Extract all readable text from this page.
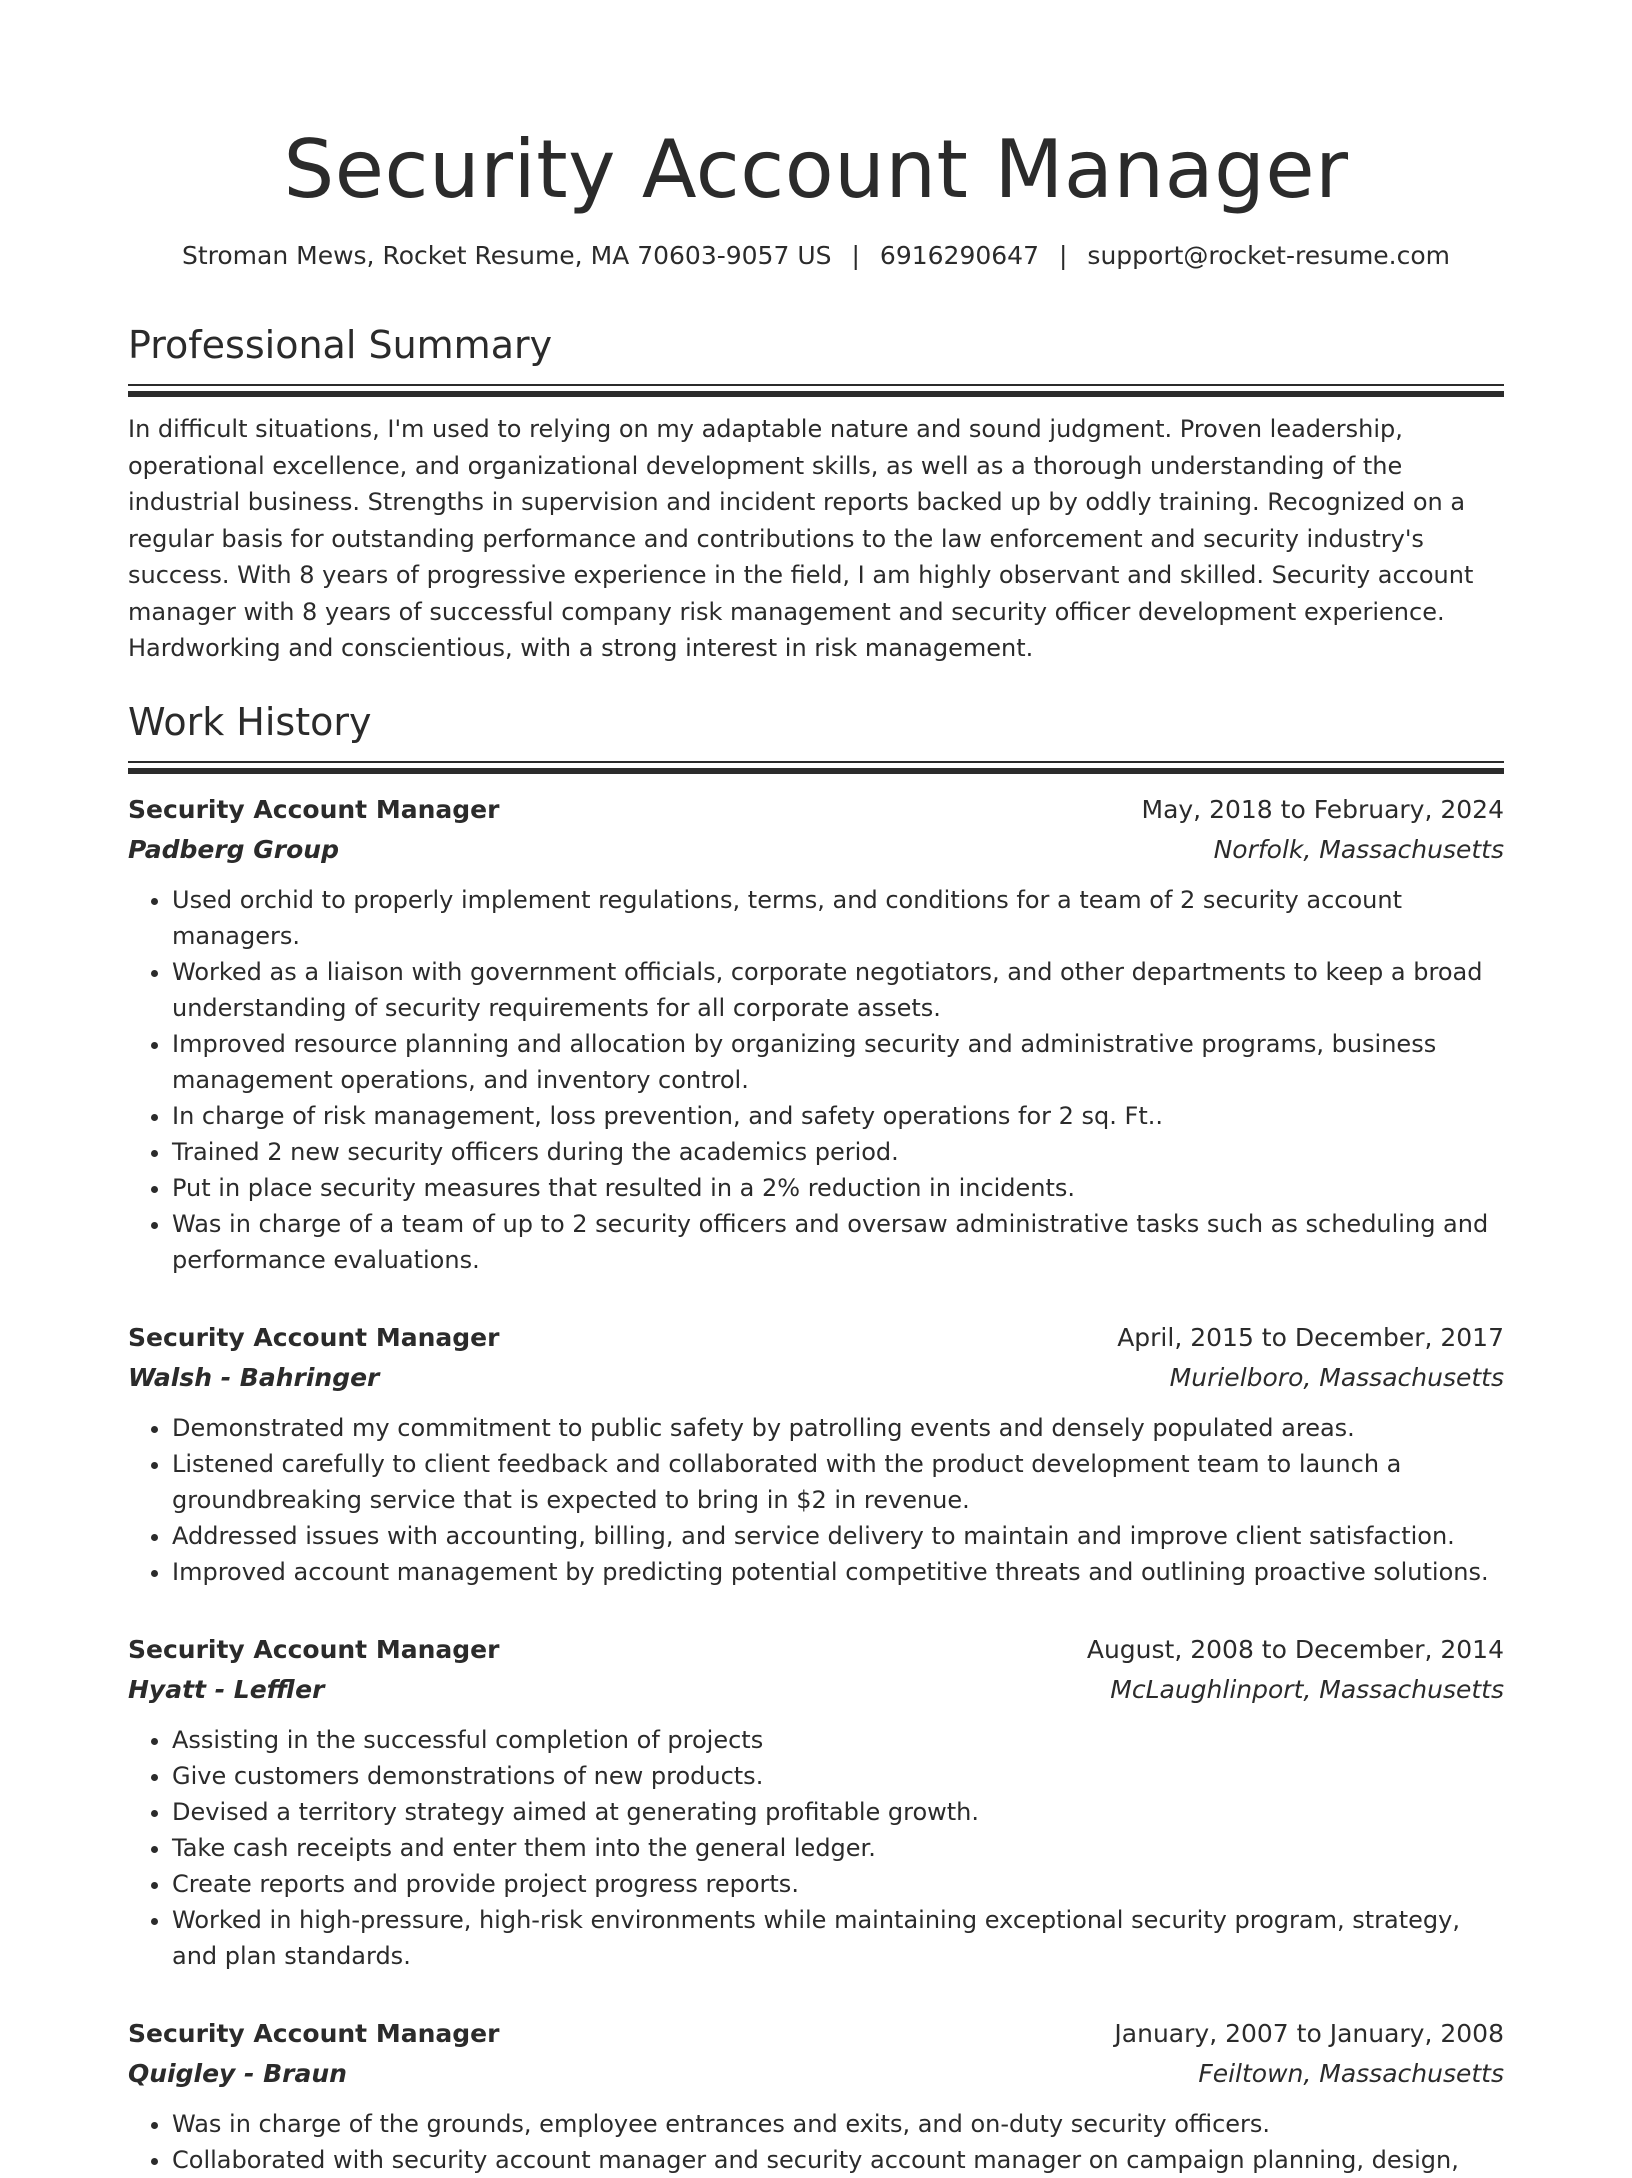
Security Account Manager
Stroman Mews, Rocket Resume, MA 70603-9057 US | 6916290647 | support@rocket-resume.com
Professional Summary

In difficult situations, I'm used to relying on my adaptable nature and sound judgment. Proven leadership, operational excellence, and organizational development skills, as well as a thorough understanding of the industrial business. Strengths in supervision and incident reports backed up by oddly training. Recognized on a regular basis for outstanding performance and contributions to the law enforcement and security industry's success. With 8 years of progressive experience in the field, I am highly observant and skilled. Security account manager with 8 years of successful company risk management and security officer development experience. Hardworking and conscientious, with a strong interest in risk management.

Work History
Security Account Manager	May, 2018 to February, 2024
Padberg Group	Norfolk, Massachusetts
• Used orchid to properly implement regulations, terms, and conditions for a team of 2 security account managers.
• Worked as a liaison with government officials, corporate negotiators, and other departments to keep a broad understanding of security requirements for all corporate assets.
• Improved resource planning and allocation by organizing security and administrative programs, business management operations, and inventory control.
• In charge of risk management, loss prevention, and safety operations for 2 sq. Ft..
• Trained 2 new security officers during the academics period.
• Put in place security measures that resulted in a 2% reduction in incidents.
• Was in charge of a team of up to 2 security officers and oversaw administrative tasks such as scheduling and performance evaluations.
Security Account Manager	April, 2015 to December, 2017
Walsh - Bahringer	Murielboro, Massachusetts
• Demonstrated my commitment to public safety by patrolling events and densely populated areas.
• Listened carefully to client feedback and collaborated with the product development team to launch a groundbreaking service that is expected to bring in $2 in revenue.
• Addressed issues with accounting, billing, and service delivery to maintain and improve client satisfaction.
• Improved account management by predicting potential competitive threats and outlining proactive solutions.
Security Account Manager	August, 2008 to December, 2014
Hyatt - Leffler	McLaughlinport, Massachusetts
• Assisting in the successful completion of projects
• Give customers demonstrations of new products.
• Devised a territory strategy aimed at generating profitable growth.
• Take cash receipts and enter them into the general ledger.
• Create reports and provide project progress reports.
• Worked in high-pressure, high-risk environments while maintaining exceptional security program, strategy, and plan standards.
Security Account Manager	January, 2007 to January, 2008
Quigley - Braun	Feiltown, Massachusetts
• Was in charge of the grounds, employee entrances and exits, and on-duty security officers.
• Collaborated with security account manager and security account manager on campaign planning, design,
